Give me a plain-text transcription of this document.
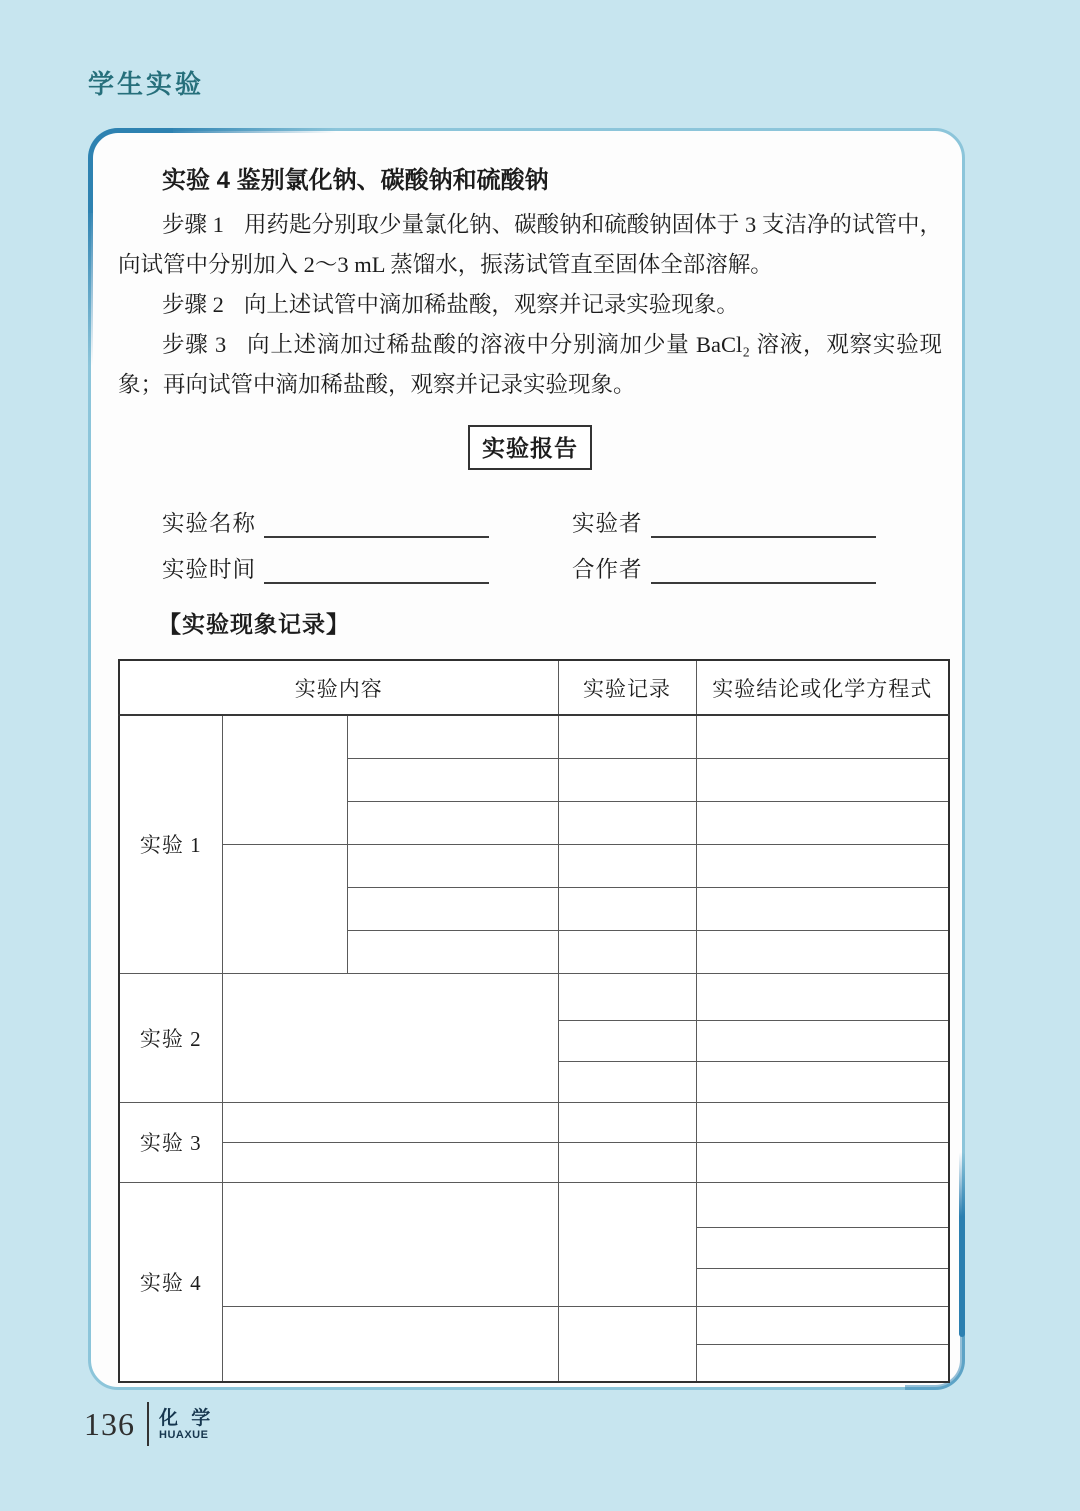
学生实验

实验 4 鉴别氯化钠、碳酸钠和硫酸钠

步骤 1 用药匙分别取少量氯化钠、碳酸钠和硫酸钠固体于 3 支洁净的试管中，向试管中分别加入 2～3 mL 蒸馏水，振荡试管直至固体全部溶解。

步骤 2 向上述试管中滴加稀盐酸，观察并记录实验现象。

步骤 3 向上述滴加过稀盐酸的溶液中分别滴加少量 BaCl₂ 溶液，观察实验现象；再向试管中滴加稀盐酸，观察并记录实验现象。

实验报告
实验名称	实验者
实验时间	合作者

【实验现象记录】

实验内容			实验记录	实验结论或化学方程式
实验 1				

实验 2				

实验 3				

实验 4				

136 化 学
HUAXUE
